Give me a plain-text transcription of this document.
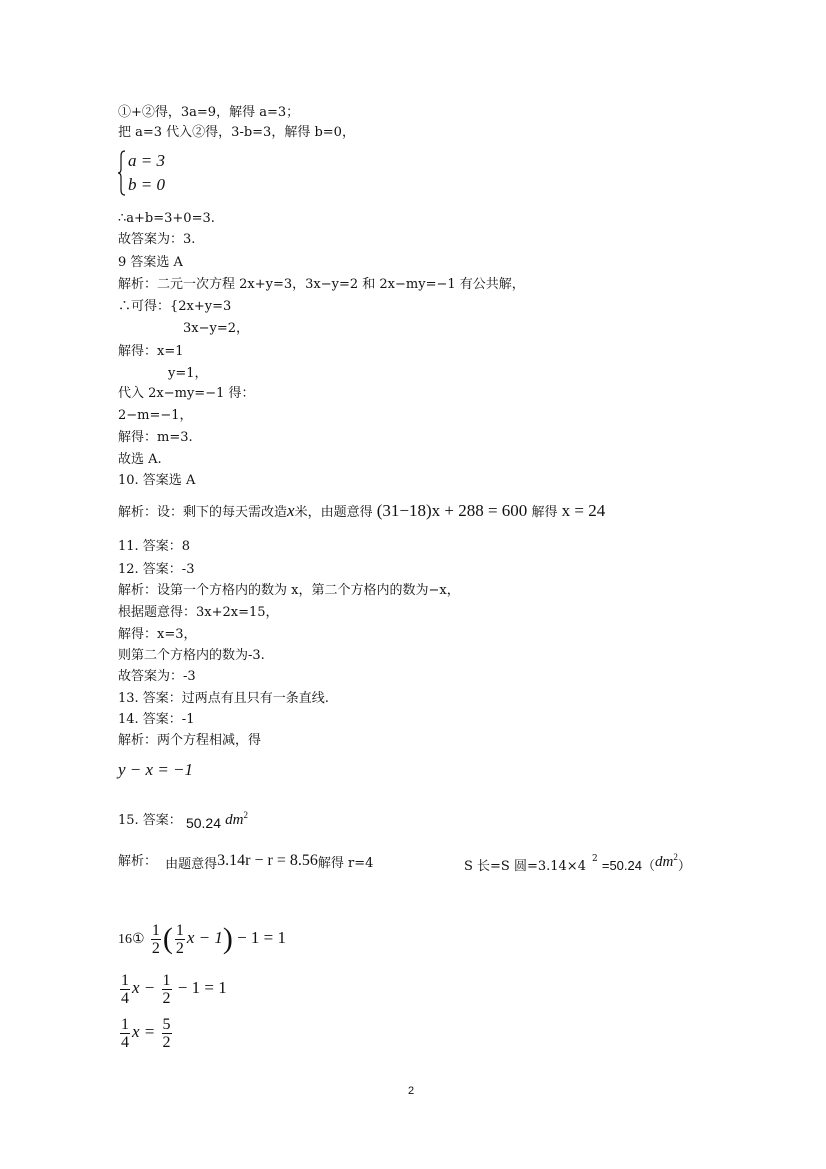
①+②得，3a=9，解得 a=3；
把 a=3 代入②得，3-b=3，解得 b=0，
a = 3
b = 0
∴a+b=3+0=3.
故答案为：3.
9 答案选 A
解析：二元一次方程 2x+y=3，3x−y=2 和 2x−my=−1 有公共解，
∴可得：{2x+y=3
3x−y=2，
解得：x=1
y=1，
代入 2x−my=−1 得：
2−m=−1，
解得：m=3.
故选 A.
10. 答案选 A
解析：设：剩下的每天需改造x米，由题意得 (31−18)x + 288 = 600 解得 x = 24
11. 答案：8
12. 答案：-3
解析：设第一个方格内的数为 x，第二个方格内的数为−x，
根据题意得：3x+2x=15，
解得：x=3，
则第二个方格内的数为-3.
故答案为：-3
13. 答案：过两点有且只有一条直线.
14. 答案：-1
解析：两个方程相减，得
y − x = −1
15. 答案： 50.24 $dm^2$
解析： 由题意得3.14r − r = 8.56解得 r=4	S 长=S 圆$=3.14\times 4^2 =50.24(dm^2)$
16① $\frac{1}{2}$ ( $\frac{1}{2}$ x − 1) − 1 = 1
$\frac{1}{4}$ $x - \frac{1}{2} - 1 = 1$
$\frac{1}{4}$ $x = \frac{5}{2}$
2
